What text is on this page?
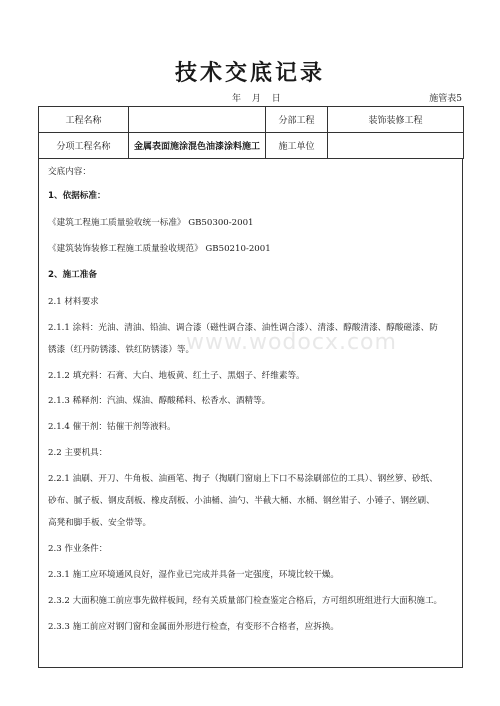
技术交底记录
年 月 日	施管表5
工程名称		分部工程	装饰装修工程
分项工程名称	金属表面施涂混色油漆涂料施工	施工单位	
www.wodocx.com
交底内容：
1、依据标准：
《建筑工程施工质量验收统一标准》 GB50300-2001
《建筑装饰装修工程施工质量验收规范》 GB50210-2001
2、施工准备
2.1 材料要求
2.1.1 涂料：光油、清油、铅油、调合漆（磁性调合漆、油性调合漆）、清漆、醇酸清漆、醇酸磁漆、防
锈漆（红丹防锈漆、铁红防锈漆）等。
2.1.2 填充料：石膏、大白、地板黄、红土子、黑烟子、纤维素等。
2.1.3 稀释剂：汽油、煤油、醇酸稀料、松香水、酒精等。
2.1.4 催干剂：钴催干剂等液料。
2.2 主要机具：
2.2.1 油刷、开刀、牛角板、油画笔、掏子（掏刷门窗扇上下口不易涂刷部位的工具）、钢丝箩、砂纸、
砂布、腻子板、钢皮刮板、橡皮刮板、小油桶、油勺、半截大桶、水桶、钢丝钳子、小锤子、钢丝刷、
高凳和脚手板、安全带等。
2.3 作业条件：
2.3.1 施工应环境通风良好，湿作业已完成并具备一定强度，环境比较干燥。
2.3.2 大面积施工前应事先做样板间，经有关质量部门检查鉴定合格后，方可组织班组进行大面积施工。
2.3.3 施工前应对钢门窗和金属面外形进行检查，有变形不合格者，应拆换。
